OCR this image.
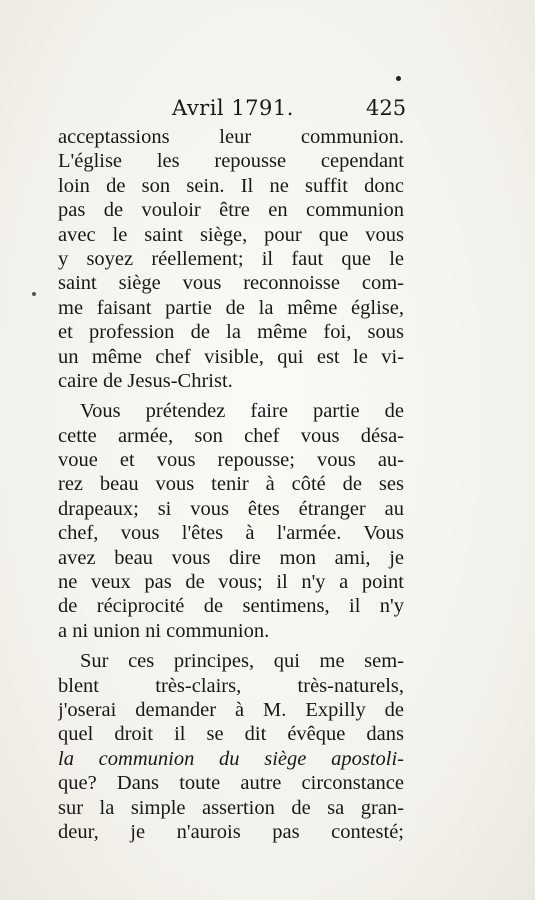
Avril 1791.	425
acceptassions leur communion.
L'église les repousse cependant
loin de son sein. Il ne suffit donc
pas de vouloir être en communion
avec le saint siège, pour que vous
y soyez réellement; il faut que le
saint siège vous reconnoisse com-
me faisant partie de la même église,
et profession de la même foi, sous
un même chef visible, qui est le vi-
caire de Jesus-Christ.
Vous prétendez faire partie de
cette armée, son chef vous désa-
voue et vous repousse; vous au-
rez beau vous tenir à côté de ses
drapeaux; si vous êtes étranger au
chef, vous l'êtes à l'armée. Vous
avez beau vous dire mon ami, je
ne veux pas de vous; il n'y a point
de réciprocité de sentimens, il n'y
a ni union ni communion.
Sur ces principes, qui me sem-
blent très-clairs, très-naturels,
j'oserai demander à M. Expilly de
quel droit il se dit évêque dans
la communion du siège apostoli-
que? Dans toute autre circonstance
sur la simple assertion de sa gran-
deur, je n'aurois pas contesté;
